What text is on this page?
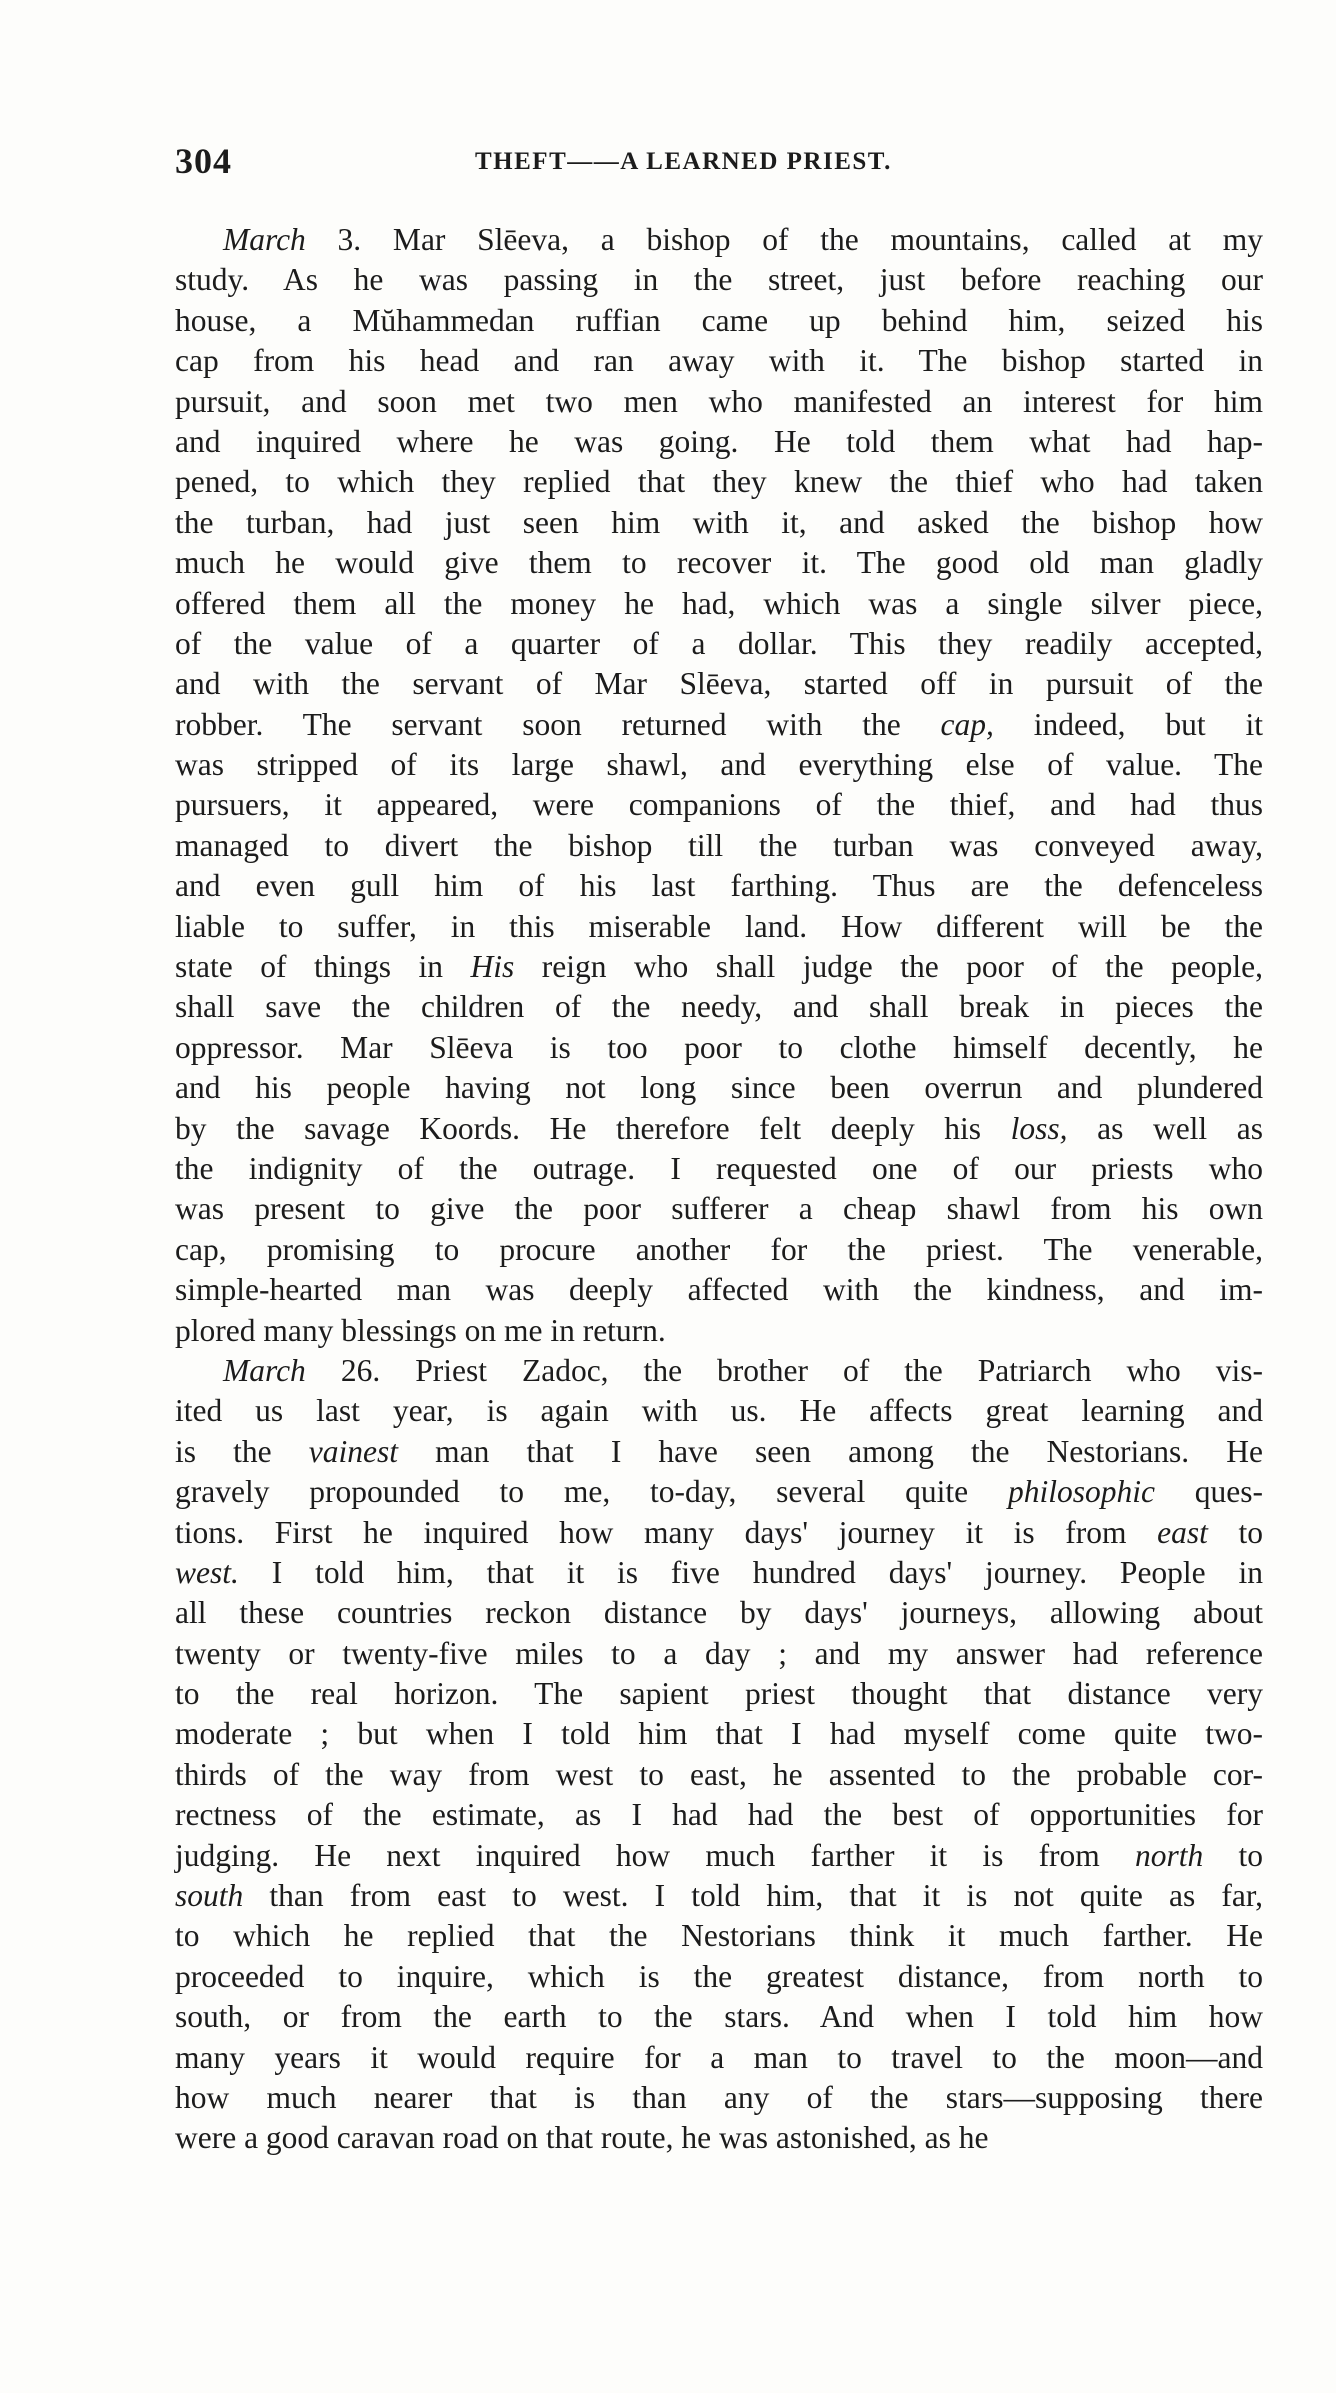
304	THEFT——A LEARNED PRIEST.
March 3. Mar Slēeva, a bishop of the mountains, called at my
study. As he was passing in the street, just before reaching our
house, a Mŭhammedan ruffian came up behind him, seized his
cap from his head and ran away with it. The bishop started in
pursuit, and soon met two men who manifested an interest for him
and inquired where he was going. He told them what had hap-
pened, to which they replied that they knew the thief who had taken
the turban, had just seen him with it, and asked the bishop how
much he would give them to recover it. The good old man gladly
offered them all the money he had, which was a single silver piece,
of the value of a quarter of a dollar. This they readily accepted,
and with the servant of Mar Slēeva, started off in pursuit of the
robber. The servant soon returned with the cap, indeed, but it
was stripped of its large shawl, and everything else of value. The
pursuers, it appeared, were companions of the thief, and had thus
managed to divert the bishop till the turban was conveyed away,
and even gull him of his last farthing. Thus are the defenceless
liable to suffer, in this miserable land. How different will be the
state of things in His reign who shall judge the poor of the people,
shall save the children of the needy, and shall break in pieces the
oppressor. Mar Slēeva is too poor to clothe himself decently, he
and his people having not long since been overrun and plundered
by the savage Koords. He therefore felt deeply his loss, as well as
the indignity of the outrage. I requested one of our priests who
was present to give the poor sufferer a cheap shawl from his own
cap, promising to procure another for the priest. The venerable,
simple-hearted man was deeply affected with the kindness, and im-
plored many blessings on me in return.
March 26. Priest Zadoc, the brother of the Patriarch who vis-
ited us last year, is again with us. He affects great learning and
is the vainest man that I have seen among the Nestorians. He
gravely propounded to me, to-day, several quite philosophic ques-
tions. First he inquired how many days' journey it is from east to
west. I told him, that it is five hundred days' journey. People in
all these countries reckon distance by days' journeys, allowing about
twenty or twenty-five miles to a day ; and my answer had reference
to the real horizon. The sapient priest thought that distance very
moderate ; but when I told him that I had myself come quite two-
thirds of the way from west to east, he assented to the probable cor-
rectness of the estimate, as I had had the best of opportunities for
judging. He next inquired how much farther it is from north to
south than from east to west. I told him, that it is not quite as far,
to which he replied that the Nestorians think it much farther. He
proceeded to inquire, which is the greatest distance, from north to
south, or from the earth to the stars. And when I told him how
many years it would require for a man to travel to the moon—and
how much nearer that is than any of the stars—supposing there
were a good caravan road on that route, he was astonished, as he
